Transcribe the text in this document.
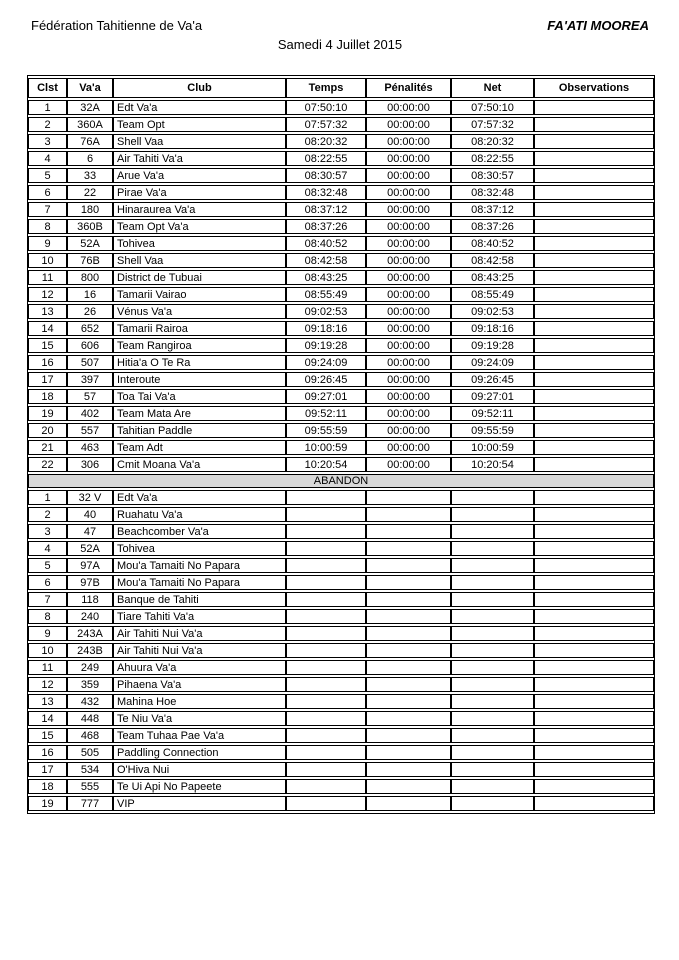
Fédération Tahitienne de Va'a	FA'ATI MOOREA
Samedi 4 Juillet 2015
Clst	Va'a	Club	Temps	Pénalités	Net	Observations
1	32A	Edt Va'a	07:50:10	00:00:00	07:50:10	
2	360A	Team Opt	07:57:32	00:00:00	07:57:32	
3	76A	Shell Vaa	08:20:32	00:00:00	08:20:32	
4	6	Air Tahiti Va'a	08:22:55	00:00:00	08:22:55	
5	33	Arue Va'a	08:30:57	00:00:00	08:30:57	
6	22	Pirae Va'a	08:32:48	00:00:00	08:32:48	
7	180	Hinaraurea Va'a	08:37:12	00:00:00	08:37:12	
8	360B	Team Opt Va'a	08:37:26	00:00:00	08:37:26	
9	52A	Tohivea	08:40:52	00:00:00	08:40:52	
10	76B	Shell Vaa	08:42:58	00:00:00	08:42:58	
11	800	District de Tubuai	08:43:25	00:00:00	08:43:25	
12	16	Tamarii Vairao	08:55:49	00:00:00	08:55:49	
13	26	Vénus Va'a	09:02:53	00:00:00	09:02:53	
14	652	Tamarii Rairoa	09:18:16	00:00:00	09:18:16	
15	606	Team Rangiroa	09:19:28	00:00:00	09:19:28	
16	507	Hitia'a O Te Ra	09:24:09	00:00:00	09:24:09	
17	397	Interoute	09:26:45	00:00:00	09:26:45	
18	57	Toa Tai Va'a	09:27:01	00:00:00	09:27:01	
19	402	Team Mata Are	09:52:11	00:00:00	09:52:11	
20	557	Tahitian Paddle	09:55:59	00:00:00	09:55:59	
21	463	Team Adt	10:00:59	00:00:00	10:00:59	
22	306	Cmit Moana Va'a	10:20:54	00:00:00	10:20:54	
ABANDON						
1	32 V	Edt Va'a				
2	40	Ruahatu Va'a				
3	47	Beachcomber Va'a				
4	52A	Tohivea				
5	97A	Mou'a Tamaiti No Papara				
6	97B	Mou'a Tamaiti No Papara				
7	118	Banque de Tahiti				
8	240	Tiare Tahiti Va'a				
9	243A	Air Tahiti Nui Va'a				
10	243B	Air Tahiti Nui Va'a				
11	249	Ahuura Va'a				
12	359	Pihaena Va'a				
13	432	Mahina Hoe				
14	448	Te Niu Va'a				
15	468	Team Tuhaa Pae Va'a				
16	505	Paddling Connection				
17	534	O'Hiva Nui				
18	555	Te Ui Api No Papeete				
19	777	VIP				
